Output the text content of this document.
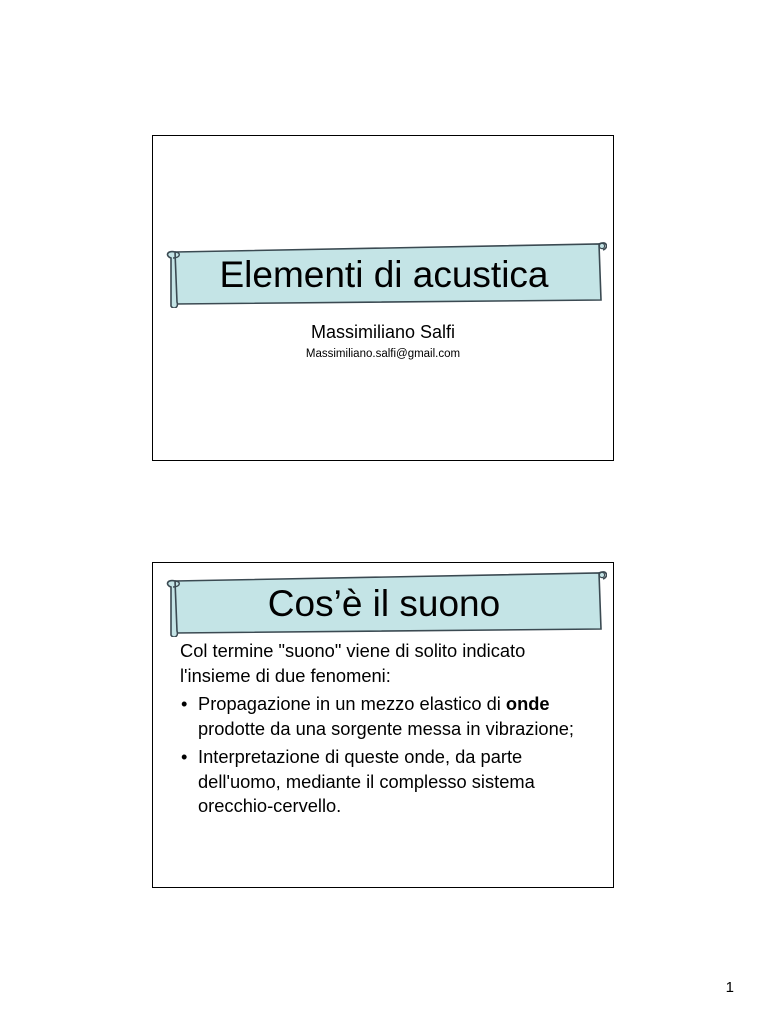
Elementi di acustica
Massimiliano Salfi
Massimiliano.salfi@gmail.com
Cos’è il suono

Col termine "suono" viene di solito indicato

l'insieme di due fenomeni:

• Propagazione in un mezzo elastico di onde prodotte da una sorgente messa in vibrazione;
• Interpretazione di queste onde, da parte dell'uomo, mediante il complesso sistema orecchio-cervello.
1
